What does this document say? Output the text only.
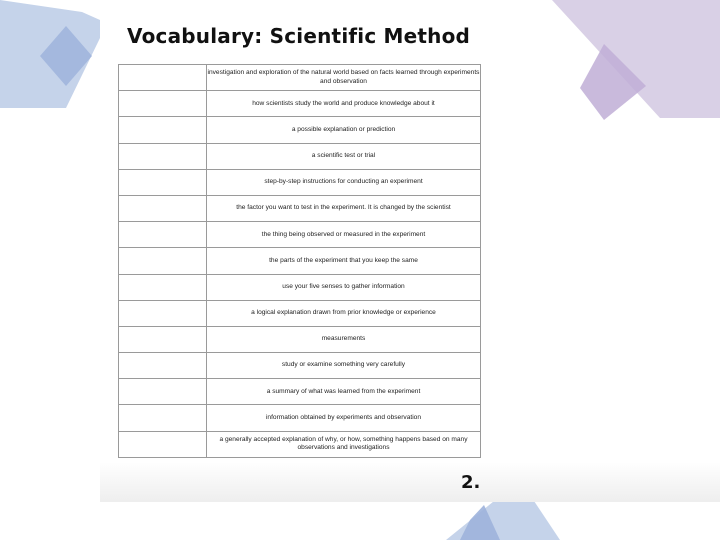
Vocabulary: Scientific Method
	investigation and exploration of the natural world based on facts learned through experiments and observation
	how scientists study the world and produce knowledge about it
	a possible explanation or prediction
	a scientific test or trial
	step-by-step instructions for conducting an experiment
	the factor you want to test in the experiment. It is changed by the scientist
	the thing being observed or measured in the experiment
	the parts of the experiment that you keep the same
	use your five senses to gather information
	a logical explanation drawn from prior knowledge or experience
	measurements
	study or examine something very carefully
	a summary of what was learned from the experiment
	information obtained by experiments and observation
	a generally accepted explanation of why, or how, something happens based on many observations and investigations
2.
